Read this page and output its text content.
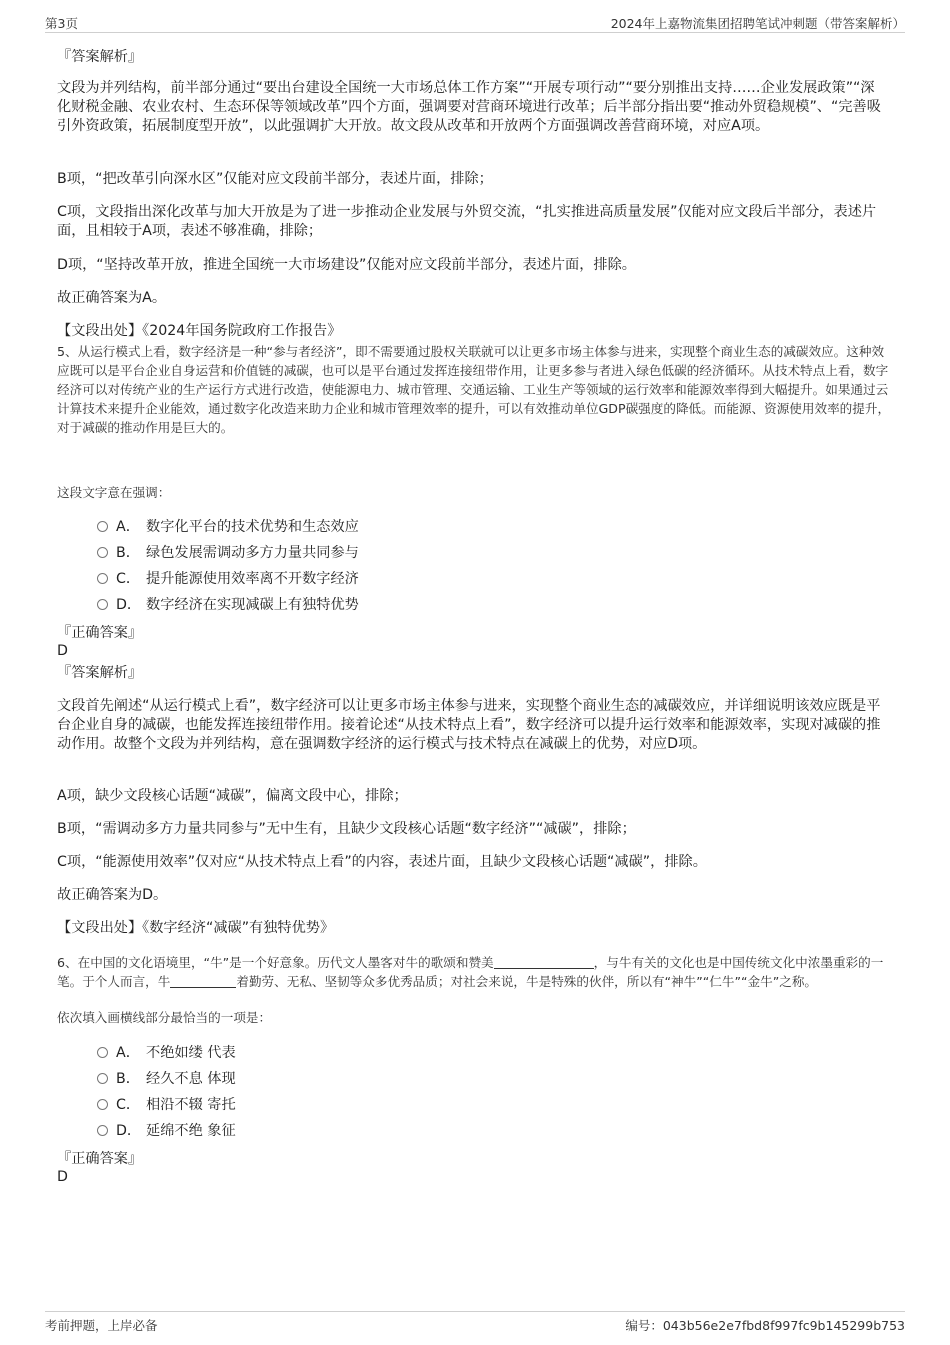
第3页	2024年上嘉物流集团招聘笔试冲刺题（带答案解析）
『答案解析』
文段为并列结构，前半部分通过“要出台建设全国统一大市场总体工作方案”“开展专项行动”“要分别推出支持……企业发展政策”“深化财税金融、农业农村、生态环保等领域改革”四个方面，强调要对营商环境进行改革；后半部分指出要“推动外贸稳规模”、“完善吸引外资政策，拓展制度型开放”，以此强调扩大开放。故文段从改革和开放两个方面强调改善营商环境，对应A项。
B项，“把改革引向深水区”仅能对应文段前半部分，表述片面，排除；
C项，文段指出深化改革与加大开放是为了进一步推动企业发展与外贸交流，“扎实推进高质量发展”仅能对应文段后半部分，表述片面，且相较于A项，表述不够准确，排除；
D项，“坚持改革开放，推进全国统一大市场建设”仅能对应文段前半部分，表述片面，排除。
故正确答案为A。
【文段出处】《2024年国务院政府工作报告》
5、从运行模式上看，数字经济是一种“参与者经济”，即不需要通过股权关联就可以让更多市场主体参与进来，实现整个商业生态的减碳效应。这种效应既可以是平台企业自身运营和价值链的减碳，也可以是平台通过发挥连接纽带作用，让更多参与者进入绿色低碳的经济循环。从技术特点上看，数字经济可以对传统产业的生产运行方式进行改造，使能源电力、城市管理、交通运输、工业生产等领域的运行效率和能源效率得到大幅提升。如果通过云计算技术来提升企业能效，通过数字化改造来助力企业和城市管理效率的提升，可以有效推动单位GDP碳强度的降低。而能源、资源使用效率的提升，对于减碳的推动作用是巨大的。
这段文字意在强调：
A． 数字化平台的技术优势和生态效应
B． 绿色发展需调动多方力量共同参与
C． 提升能源使用效率离不开数字经济
D． 数字经济在实现减碳上有独特优势
『正确答案』
D
『答案解析』
文段首先阐述“从运行模式上看”，数字经济可以让更多市场主体参与进来，实现整个商业生态的减碳效应，并详细说明该效应既是平台企业自身的减碳，也能发挥连接纽带作用。接着论述“从技术特点上看”，数字经济可以提升运行效率和能源效率，实现对减碳的推动作用。故整个文段为并列结构，意在强调数字经济的运行模式与技术特点在减碳上的优势，对应D项。
A项，缺少文段核心话题“减碳”，偏离文段中心，排除；
B项，“需调动多方力量共同参与”无中生有，且缺少文段核心话题“数字经济”“减碳”，排除；
C项，“能源使用效率”仅对应“从技术特点上看”的内容，表述片面，且缺少文段核心话题“减碳”，排除。
故正确答案为D。
【文段出处】《数字经济“减碳”有独特优势》
6、在中国的文化语境里，“牛”是一个好意象。历代文人墨客对牛的歌颂和赞美	，与牛有关的文化也是中国传统文化中浓墨重彩的一笔。于个人而言，牛	着勤劳、无私、坚韧等众多优秀品质；对社会来说，牛是特殊的伙伴，所以有“神牛”“仁牛”“金牛”之称。
依次填入画横线部分最恰当的一项是：
A． 不绝如缕 代表
B． 经久不息 体现
C． 相沿不辍 寄托
D． 延绵不绝 象征
『正确答案』
D
考前押题，上岸必备	编号：043b56e2e7fbd8f997fc9b145299b753
